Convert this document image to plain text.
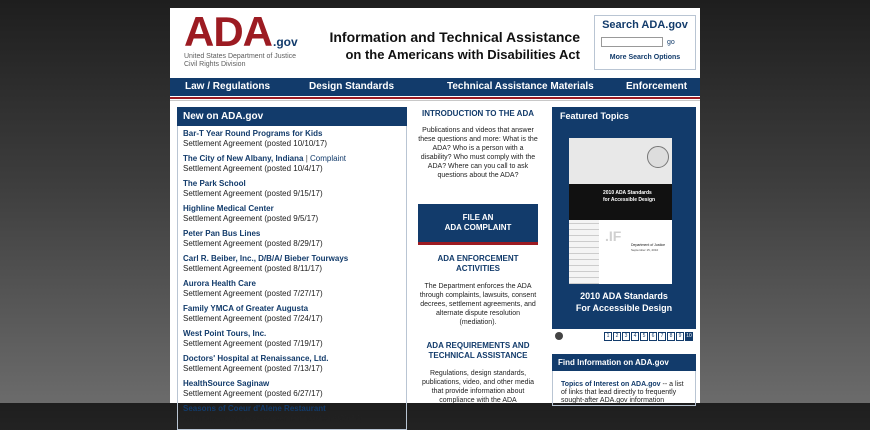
ADA.gov
United States Department of Justice
Civil Rights Division
Information and Technical Assistance
on the Americans with Disabilities Act
Search ADA.gov
go
More Search Options
Law / Regulations	Design Standards	Technical Assistance Materials	Enforcement
New on ADA.gov
Bar-T Year Round Programs for Kids
Settlement Agreement (posted 10/10/17)
The City of New Albany, Indiana | Complaint
Settlement Agreement (posted 10/4/17)
The Park School
Settlement Agreement (posted 9/15/17)
Highline Medical Center
Settlement Agreement (posted 9/5/17)
Peter Pan Bus Lines
Settlement Agreement (posted 8/29/17)
Carl R. Beiber, Inc., D/B/A/ Bieber Tourways
Settlement Agreement (posted 8/11/17)
Aurora Health Care
Settlement Agreement (posted 7/27/17)
Family YMCA of Greater Augusta
Settlement Agreement (posted 7/24/17)
West Point Tours, Inc.
Settlement Agreement (posted 7/19/17)
Doctors' Hospital at Renaissance, Ltd.
Settlement Agreement (posted 7/13/17)
HealthSource Saginaw
Settlement Agreement (posted 6/27/17)
Seasons of Coeur d'Alene Restaurant
Voluntary Compliance Agreement (posted 6/26/17)
INTRODUCTION TO THE ADA
Publications and videos that answer these questions and more: What is the ADA? Who is a person with a disability? Who must comply with the ADA? Where can you call to ask questions about the ADA?
FILE AN
ADA COMPLAINT
ADA ENFORCEMENT
ACTIVITIES
The Department enforces the ADA through complaints, lawsuits, consent decrees, settlement agreements, and alternate dispute resolution (mediation).
ADA REQUIREMENTS AND
TECHNICAL ASSISTANCE
Regulations, design standards, publications, video, and other media that provide information about compliance with the ADA
Featured Topics
2010 ADA Standards
for Accessible Design
.IF
Department of Justice
September 15, 2010
2010 ADA Standards
For Accessible Design
1	2	3	4	5	6	7	8	9 10
Find Information on ADA.gov
Topics of Interest on ADA.gov -- a list of links that lead directly to frequently sought-after ADA.gov information
